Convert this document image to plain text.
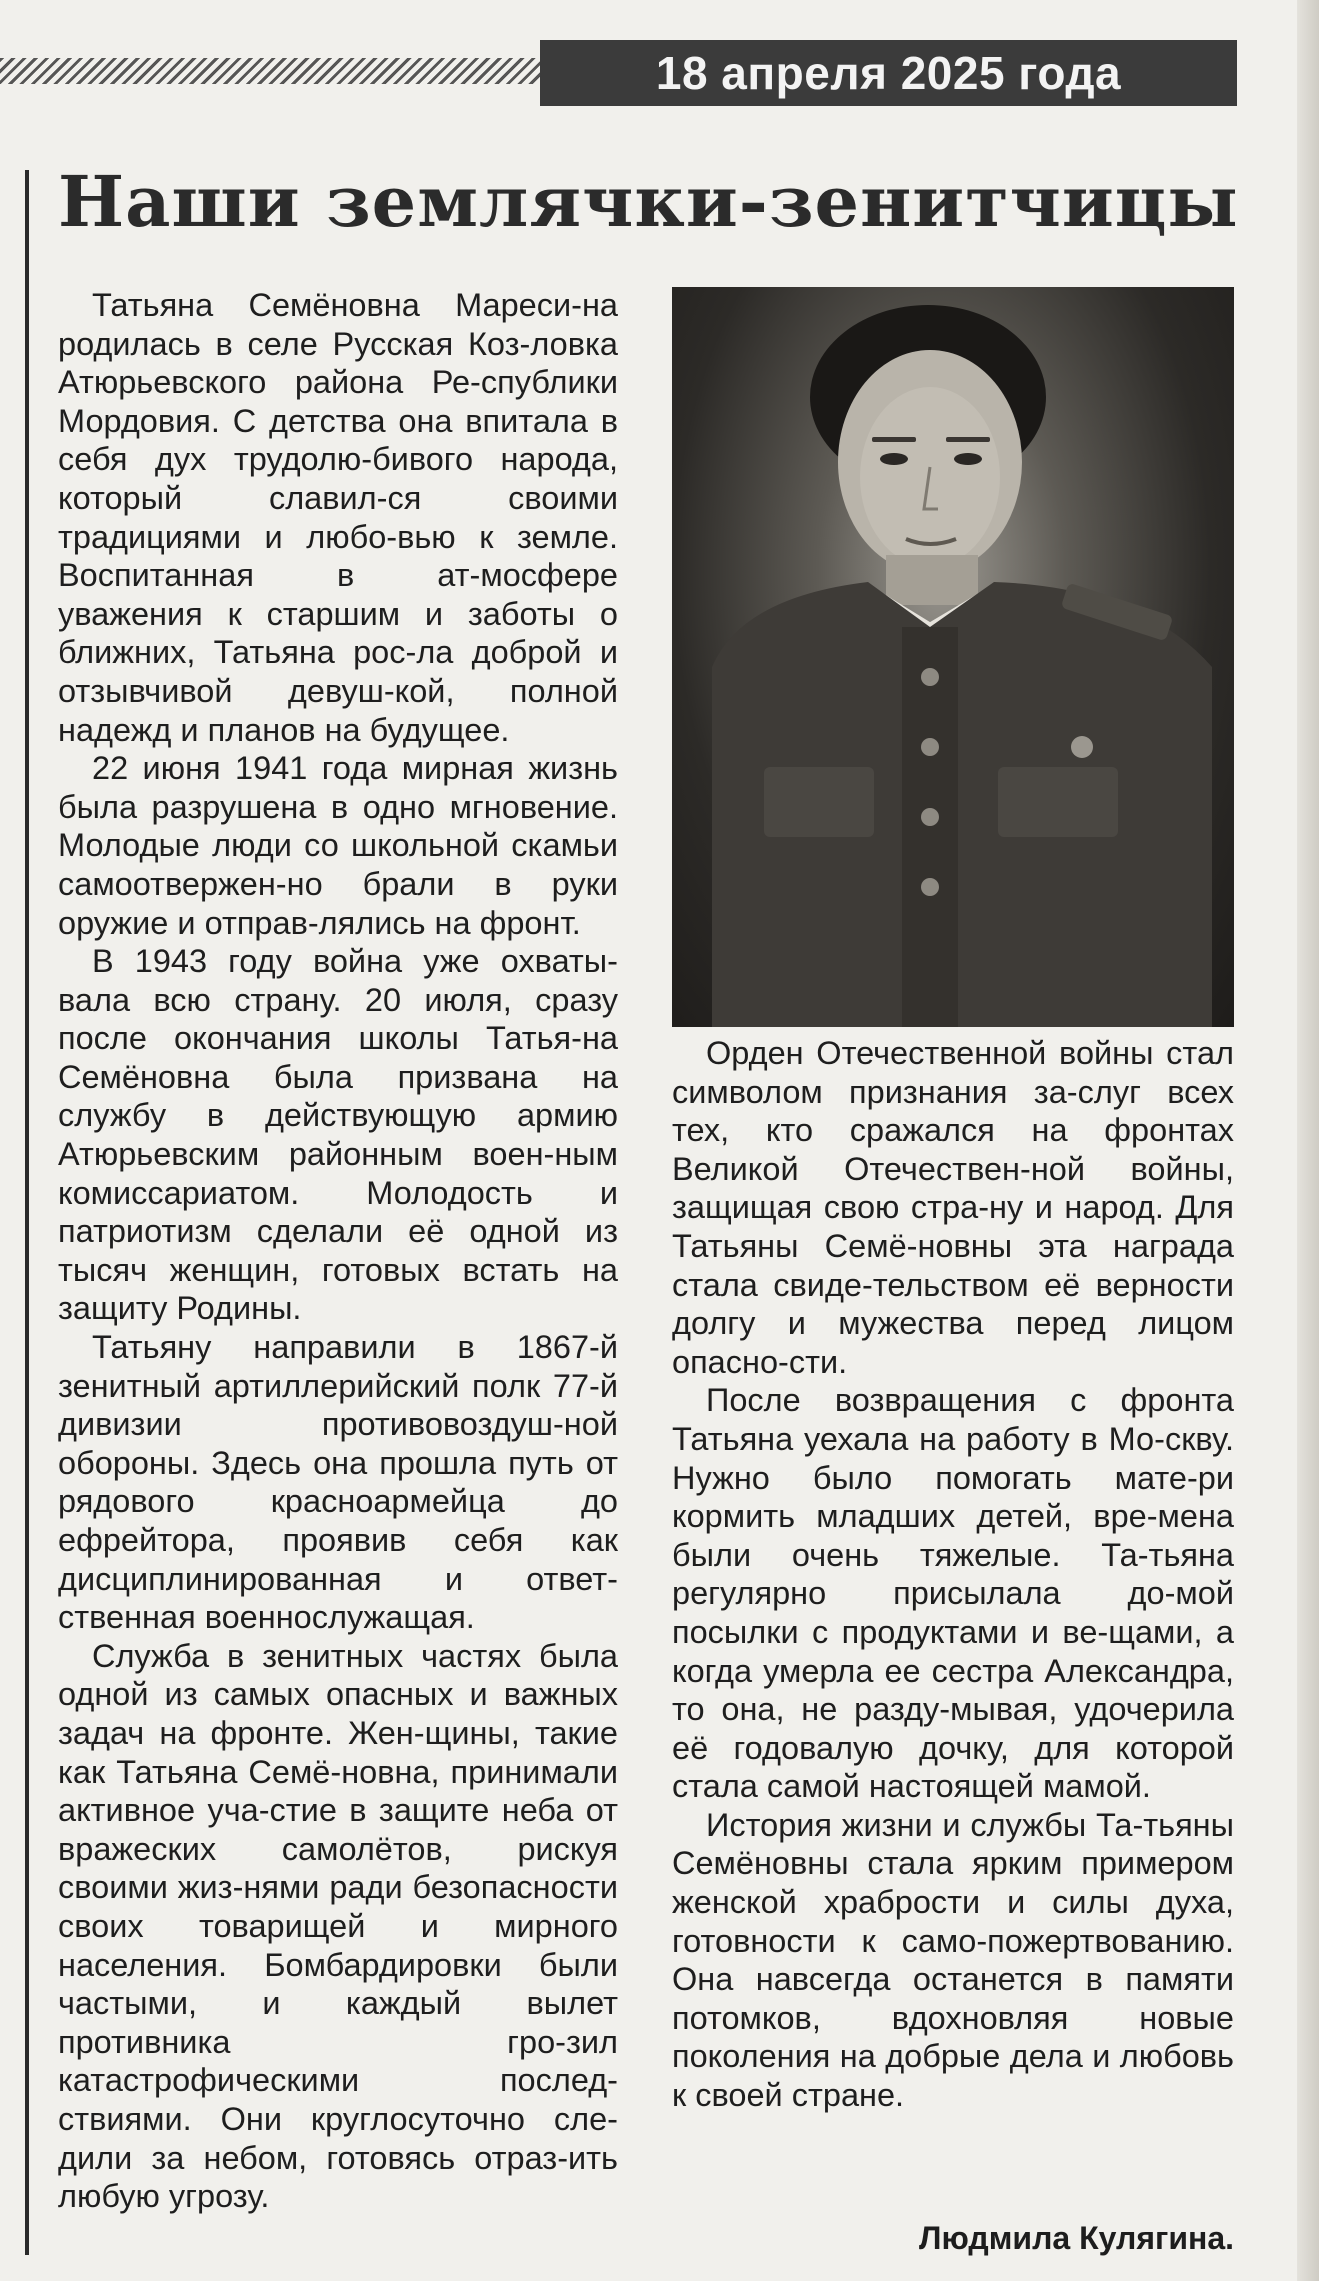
18 апреля 2025 года
Наши землячки-зенитчицы

Татьяна Семёновна Мареси-на родилась в селе Русская Коз-ловка Атюрьевского района Ре-спублики Мордовия. С детства она впитала в себя дух трудолю-бивого народа, который славил-ся своими традициями и любо-вью к земле. Воспитанная в ат-мосфере уважения к старшим и заботы о ближних, Татьяна рос-ла доброй и отзывчивой девуш-кой, полной надежд и планов на будущее.

22 июня 1941 года мирная жизнь была разрушена в одно мгновение. Молодые люди со школьной скамьи самоотвержен-но брали в руки оружие и отправ-лялись на фронт.

В 1943 году война уже охваты-вала всю страну. 20 июля, сразу после окончания школы Татья-на Семёновна была призвана на службу в действующую армию Атюрьевским районным воен-ным комиссариатом. Молодость и патриотизм сделали её одной из тысяч женщин, готовых встать на защиту Родины.

Татьяну направили в 1867-й зенитный артиллерийский полк 77-й дивизии противовоздуш-ной обороны. Здесь она прошла путь от рядового красноармейца до ефрейтора, проявив себя как дисциплинированная и ответ-ственная военнослужащая.

Служба в зенитных частях была одной из самых опасных и важных задач на фронте. Жен-щины, такие как Татьяна Семё-новна, принимали активное уча-стие в защите неба от вражеских самолётов, рискуя своими жиз-нями ради безопасности своих товарищей и мирного населения. Бомбардировки были частыми, и каждый вылет противника гро-зил катастрофическими послед-ствиями. Они круглосуточно сле-дили за небом, готовясь отраз-ить любую угрозу.

Орден Отечественной войны стал символом признания за-слуг всех тех, кто сражался на фронтах Великой Отечествен-ной войны, защищая свою стра-ну и народ. Для Татьяны Семё-новны эта награда стала свиде-тельством её верности долгу и мужества перед лицом опасно-сти.

После возвращения с фронта Татьяна уехала на работу в Мо-скву. Нужно было помогать мате-ри кормить младших детей, вре-мена были очень тяжелые. Та-тьяна регулярно присылала до-мой посылки с продуктами и ве-щами, а когда умерла ее сестра Александра, то она, не разду-мывая, удочерила её годовалую дочку, для которой стала самой настоящей мамой.

История жизни и службы Та-тьяны Семёновны стала ярким примером женской храбрости и силы духа, готовности к само-пожертвованию. Она навсегда останется в памяти потомков, вдохновляя новые поколения на добрые дела и любовь к своей стране.

Людмила Кулягина.
